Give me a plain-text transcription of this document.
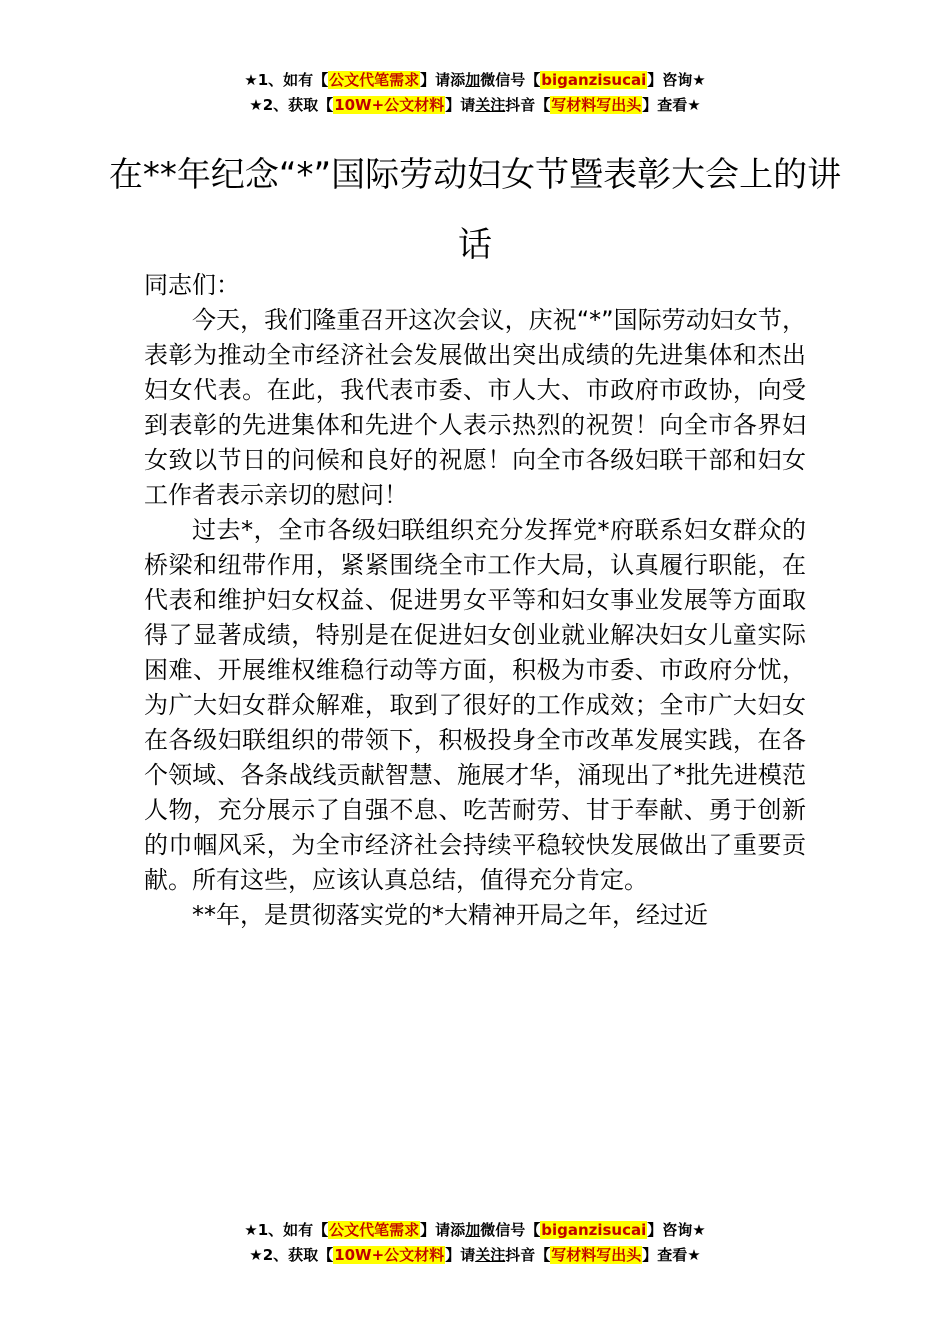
★1、如有【公文代笔需求】请添加微信号【biganzisucai】咨询★
★2、获取【10W+公文材料】请关注抖音【写材料写出头】查看★
在**年纪念“*”国际劳动妇女节暨表彰大会上的讲话

同志们：

今天，我们隆重召开这次会议，庆祝“*”国际劳动妇女节，表彰为推动全市经济社会发展做出突出成绩的先进集体和杰出妇女代表。在此，我代表市委、市人大、市政府市政协，向受到表彰的先进集体和先进个人表示热烈的祝贺！向全市各界妇女致以节日的问候和良好的祝愿！向全市各级妇联干部和妇女工作者表示亲切的慰问！

过去*，全市各级妇联组织充分发挥党*府联系妇女群众的桥梁和纽带作用，紧紧围绕全市工作大局，认真履行职能，在代表和维护妇女权益、促进男女平等和妇女事业发展等方面取得了显著成绩，特别是在促进妇女创业就业解决妇女儿童实际困难、开展维权维稳行动等方面，积极为市委、市政府分忧，为广大妇女群众解难，取到了很好的工作成效；全市广大妇女在各级妇联组织的带领下，积极投身全市改革发展实践，在各个领域、各条战线贡献智慧、施展才华，涌现出了*批先进模范人物，充分展示了自强不息、吃苦耐劳、甘于奉献、勇于创新的巾帼风采，为全市经济社会持续平稳较快发展做出了重要贡献。所有这些，应该认真总结，值得充分肯定。

**年，是贯彻落实党的*大精神开局之年，经过近

★1、如有【公文代笔需求】请添加微信号【biganzisucai】咨询★
★2、获取【10W+公文材料】请关注抖音【写材料写出头】查看★
